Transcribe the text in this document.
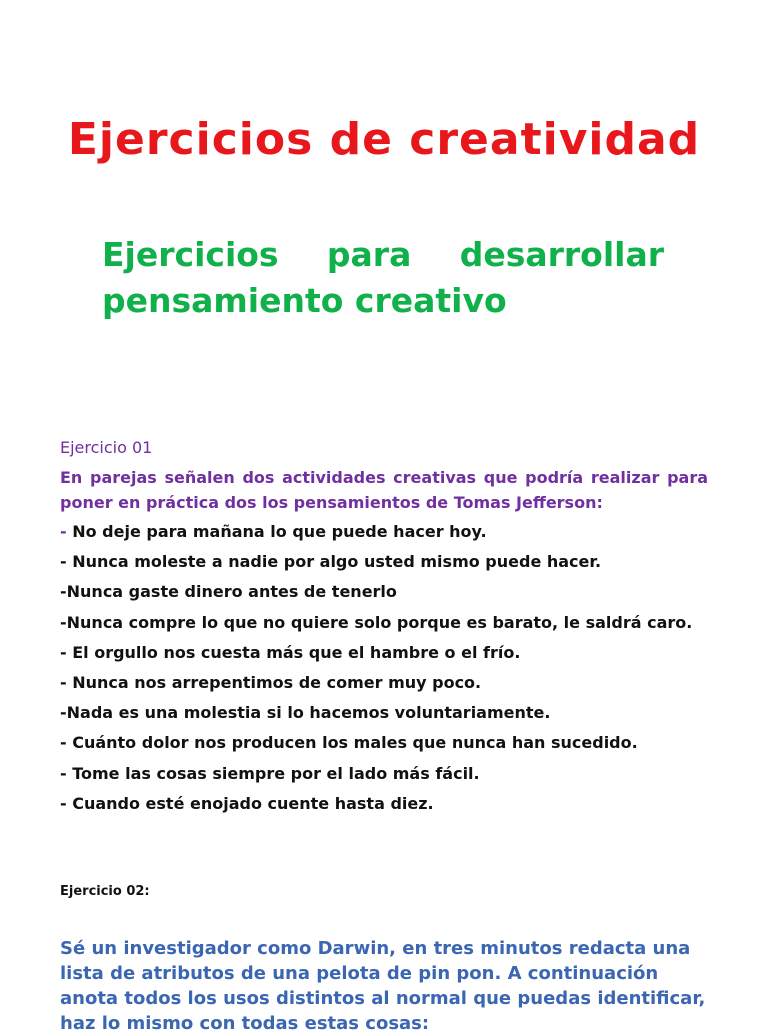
Ejercicios de creatividad
Ejercicios para desarrollar pensamiento creativo
Ejercicio 01
En parejas señalen dos actividades creativas que podría realizar para poner en práctica dos los pensamientos de Tomas Jefferson:
- No deje para mañana lo que puede hacer hoy.
- Nunca moleste a nadie por algo usted mismo puede hacer.
-Nunca gaste dinero antes de tenerlo
-Nunca compre lo que no quiere solo porque es barato, le saldrá caro.
- El orgullo nos cuesta más que el hambre o el frío.
- Nunca nos arrepentimos de comer muy poco.
-Nada es una molestia si lo hacemos voluntariamente.
- Cuánto dolor nos producen los males que nunca han sucedido.
- Tome las cosas siempre por el lado más fácil.
- Cuando esté enojado cuente hasta diez.
Ejercicio 02:
Sé un investigador como Darwin, en tres minutos redacta una lista de atributos de una pelota de pin pon. A continuación anota todos los usos distintos al normal que puedas identificar, haz lo mismo con todas estas cosas:
